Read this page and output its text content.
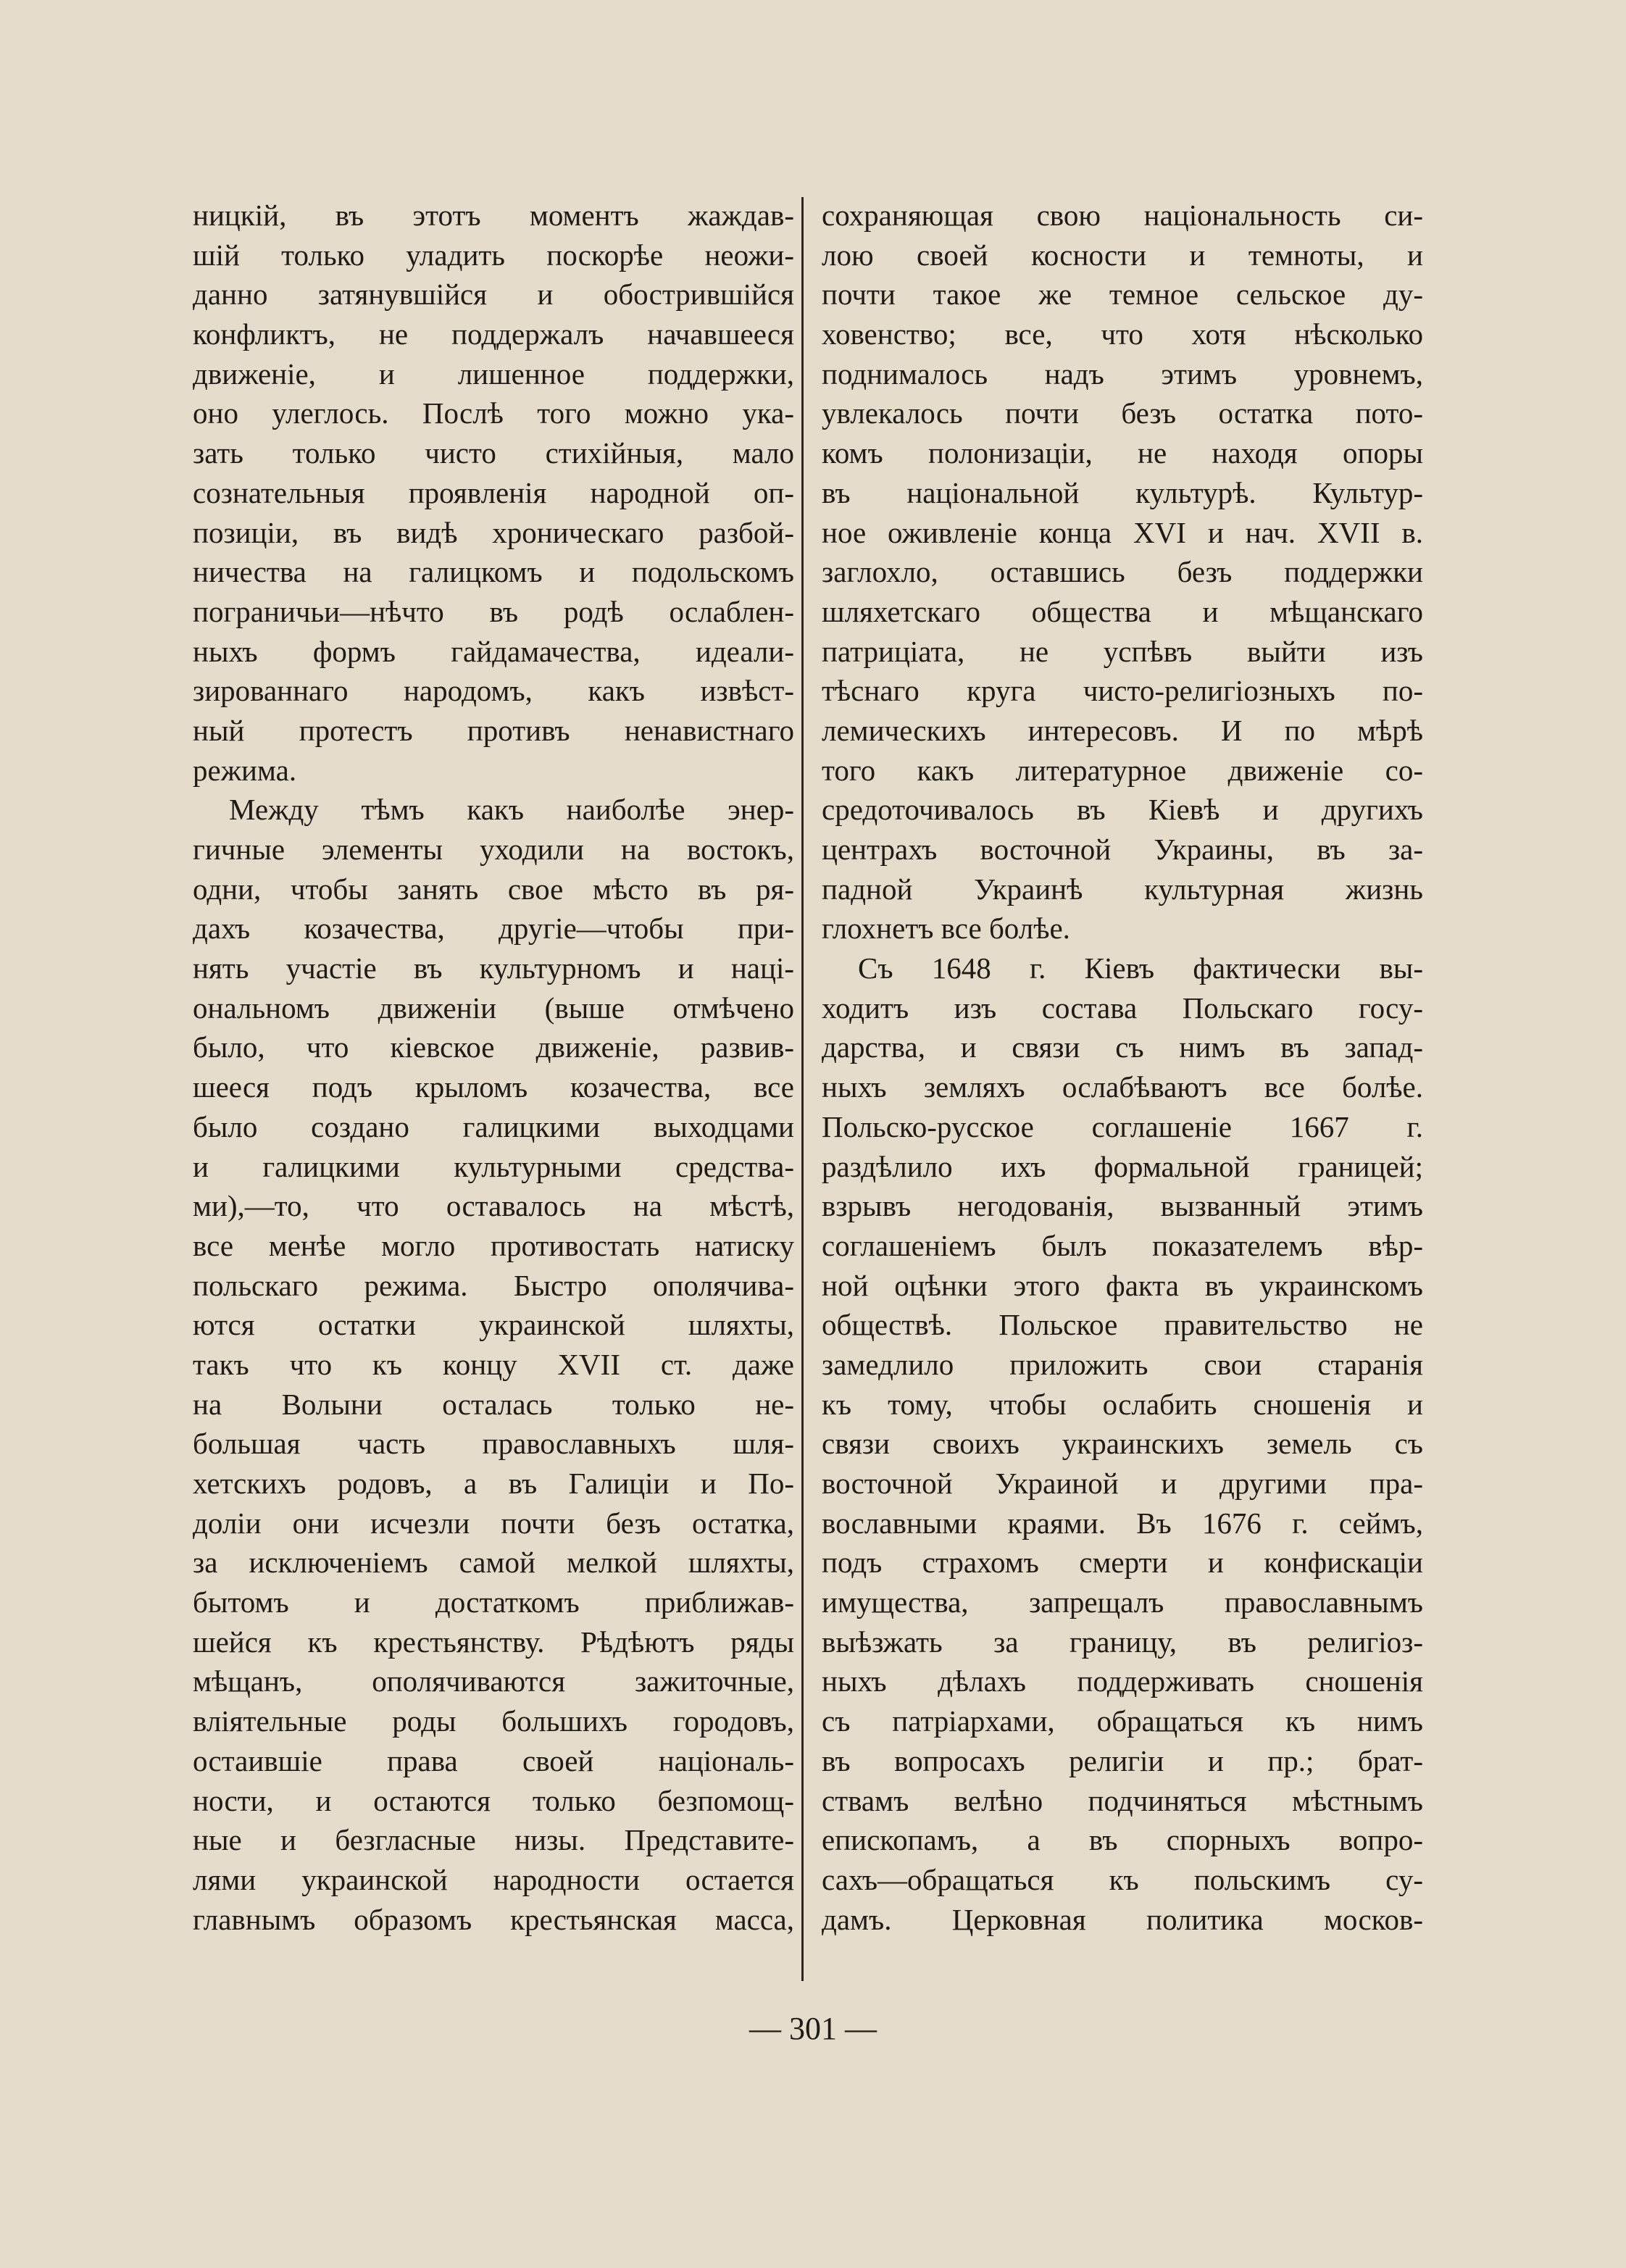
ницкій, въ этотъ моментъ жаждав-
шій только уладить поскорѣе неожи-
данно затянувшійся и обострившійся
конфликтъ, не поддержалъ начавшееся
движеніе, и лишенное поддержки,
оно улеглось. Послѣ того можно ука-
зать только чисто стихійныя, мало
сознательныя проявленія народной оп-
позиціи, въ видѣ хроническаго разбой-
ничества на галицкомъ и подольскомъ
пограничьи—нѣчто въ родѣ ослаблен-
ныхъ формъ гайдамачества, идеали-
зированнаго народомъ, какъ извѣст-
ный протестъ противъ ненавистнаго
режима.
Между тѣмъ какъ наиболѣе энер-
гичные элементы уходили на востокъ,
одни, чтобы занять свое мѣсто въ ря-
дахъ козачества, другіе—чтобы при-
нять участіе въ культурномъ и наці-
ональномъ движеніи (выше отмѣчено
было, что кіевское движеніе, развив-
шееся подъ крыломъ козачества, все
было создано галицкими выходцами
и галицкими культурными средства-
ми),—то, что оставалось на мѣстѣ,
все менѣе могло противостать натиску
польскаго режима. Быстро ополячива-
ются остатки украинской шляхты,
такъ что къ концу XVII ст. даже
на Волыни осталась только не-
большая часть православныхъ шля-
хетскихъ родовъ, а въ Галиціи и По-
доліи они исчезли почти безъ остатка,
за исключеніемъ самой мелкой шляхты,
бытомъ и достаткомъ приближав-
шейся къ крестьянству. Рѣдѣютъ ряды
мѣщанъ, ополячиваются зажиточные,
вліятельные роды большихъ городовъ,
остаившіе права своей національ-
ности, и остаются только безпомощ-
ные и безгласные низы. Представите-
лями украинской народности остается
главнымъ образомъ крестьянская масса,
сохраняющая свою національность си-
лою своей косности и темноты, и
почти такое же темное сельское ду-
ховенство; все, что хотя нѣсколько
поднималось надъ этимъ уровнемъ,
увлекалось почти безъ остатка пото-
комъ полонизаціи, не находя опоры
въ національной культурѣ. Культур-
ное оживленіе конца XVI и нач. XVII в.
заглохло, оставшись безъ поддержки
шляхетскаго общества и мѣщанскаго
патриціата, не успѣвъ выйти изъ
тѣснаго круга чисто-религіозныхъ по-
лемическихъ интересовъ. И по мѣрѣ
того какъ литературное движеніе со-
средоточивалось въ Кіевѣ и другихъ
центрахъ восточной Украины, въ за-
падной Украинѣ культурная жизнь
глохнетъ все болѣе.
Съ 1648 г. Кіевъ фактически вы-
ходитъ изъ состава Польскаго госу-
дарства, и связи съ нимъ въ запад-
ныхъ земляхъ ослабѣваютъ все болѣе.
Польско-русское соглашеніе 1667 г.
раздѣлило ихъ формальной границей;
взрывъ негодованія, вызванный этимъ
соглашеніемъ былъ показателемъ вѣр-
ной оцѣнки этого факта въ украинскомъ
обществѣ. Польское правительство не
замедлило приложить свои старанія
къ тому, чтобы ослабить сношенія и
связи своихъ украинскихъ земель съ
восточной Украиной и другими пра-
вославными краями. Въ 1676 г. сеймъ,
подъ страхомъ смерти и конфискаціи
имущества, запрещалъ православнымъ
выѣзжать за границу, въ религіоз-
ныхъ дѣлахъ поддерживать сношенія
съ патріархами, обращаться къ нимъ
въ вопросахъ религіи и пр.; брат-
ствамъ велѣно подчиняться мѣстнымъ
епископамъ, а въ спорныхъ вопро-
сахъ—обращаться къ польскимъ су-
дамъ. Церковная политика москов-
— 301 —
